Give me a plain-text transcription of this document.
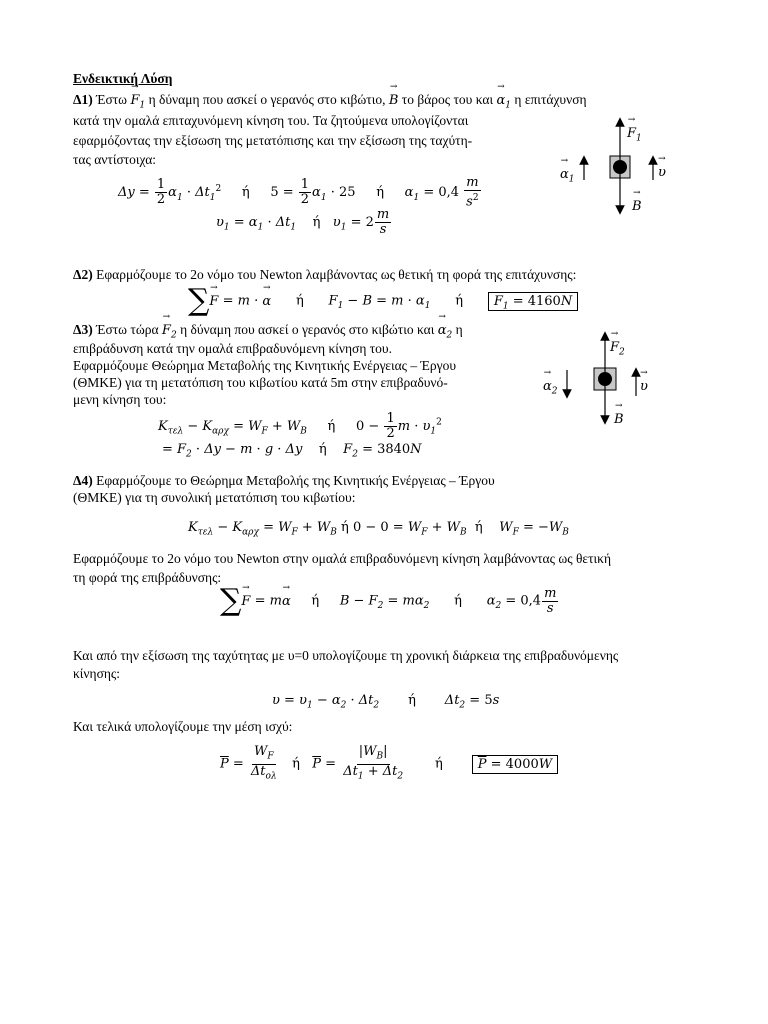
Ενδεικτική Λύση
Δ1) $Έ\sigma\tau\omega \to F_1$ η δύναμη που ασκεί ο γερανός στο κιβώτιο, → B το βάρος του $\kappa\alpha\iota \to \alpha_1$ η επιτάχυνση
κατά την ομαλά επιταχυνόμενη κίνηση του. Τα ζητούμενα υπολογίζονται
εφαρμόζοντας την εξίσωση της μετατόπισης και την εξίσωση της ταχύτη-
τας αντίστοιχα:
$\Delta y = \frac{1}{2} \alpha_1 \cdot \Delta t_1^2$ ή $5 = \frac{1}{2} \alpha_1 \cdot 25$ ή     $\alpha_1 = 0,4 \frac{m}{s^2}$
$\upsilon_1 = \alpha_1 \cdot \Delta t_1$ ή   $\upsilon_1 = 2 \frac{m}{s}$
→ $F_1$
→ B
→ $\alpha_1$	→ υ
Δ2) Εφαρμόζουμε το 2ο νόμο του Newton λαμβάνοντας ως θετική τη φορά της επιτάχυνσης:
∑→ F = m · → α ή      $F_1 - B = m \cdot \alpha_1$ ή $F_1 = 4160N$
Δ3) Έστω $\tau ώ\rho\alpha \to F_2$ η δύναμη που ασκεί ο γερανός στο κιβώτιο $\kappa\alpha\iota \to \alpha_2$ η
επιβράδυνση κατά την ομαλά επιβραδυνόμενη κίνηση του.
Εφαρμόζουμε Θεώρημα Μεταβολής της Κινητικής Ενέργειας – Έργου
(ΘΜΚΕ) για τη μετατόπιση του κιβωτίου κατά 5m στην επιβραδυνό-
μενη κίνηση του:
$K_{\tau\varepsilon\lambda} - K_{\alpha\rho\chi} = W_F + W_B$ ή $0 - \frac{1}{2}$ $m \cdot \upsilon_1^2$
= $F_2 \cdot \Delta y - m \cdot g \cdot \Delta y$    ή $F_2 = 3840N$
→ $F_2$
→ B
→ $\alpha_2$	→ υ
Δ4) Εφαρμόζουμε το Θεώρημα Μεταβολής της Κινητικής Ενέργειας – Έργου
(ΘΜΚΕ) για τη συνολική μετατόπιση του κιβωτίου:
$K_{\tau\varepsilon\lambda} - K_{\alpha\rho\chi} = W_F + W_B$ ή $0 - 0 = W_F + W_B$ ή    $W_F = -W_B$
Εφαρμόζουμε το 2ο νόμο του Newton στην ομαλά επιβραδυνόμενη κίνηση λαμβάνοντας ως θετική
τη φορά της επιβράδυνσης:
∑→ F = m→ α ή     $B - F_2 = m\alpha_2$ ή      $\alpha_2 = 0,4 \frac{m}{s}$
Και από την εξίσωση της ταχύτητας με υ=0 υπολογίζουμε τη χρονική διάρκεια της επιβραδυνόμενης
κίνησης:
$\upsilon = \upsilon_1 - \alpha_2 \cdot \Delta t_2$ ή       $\Delta t_2 = 5s$
Και τελικά υπολογίζουμε την μέση ισχύ:
$\overline{P} = \frac{W_F}{\Delta t_{o\lambda}}$ ή $\overline{P} = \frac{|W_B|}{\Delta t_1 + \Delta t_2}$ ή	$\overline{P} = 4000W$
